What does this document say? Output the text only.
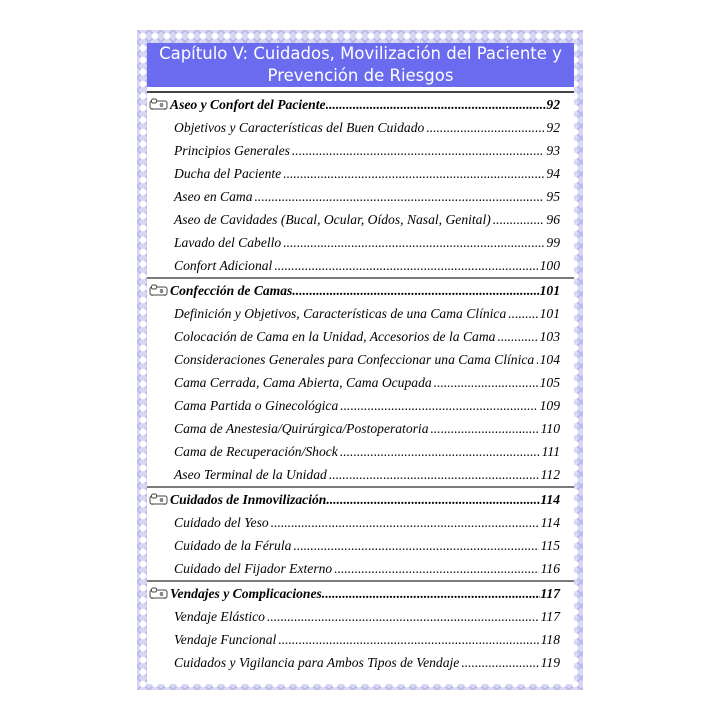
Capítulo V: Cuidados, Movilización del Paciente y
Prevención de Riesgos
Aseo y Confort del Paciente .....	92
Objetivos y Características del Buen Cuidado .....	92
Principios Generales .....	93
Ducha del Paciente .....	94
Aseo en Cama .....	95
Aseo de Cavidades (Bucal, Ocular, Oídos, Nasal, Genital) .....	96
Lavado del Cabello .....	99
Confort Adicional .....	100
Confección de Camas .....	101
Definición y Objetivos, Características de una Cama Clínica ..... 101
Colocación de Cama en la Unidad, Accesorios de la Cama .....	103
Consideraciones Generales para Confeccionar una Cama Clínica ..... 104
Cama Cerrada, Cama Abierta, Cama Ocupada .....	105
Cama Partida o Ginecológica .....	109
Cama de Anestesia/Quirúrgica/Postoperatoria .....	110
Cama de Recuperación/Shock .....	111
Aseo Terminal de la Unidad .....	112
Cuidados de Inmovilización .....	114
Cuidado del Yeso .....	114
Cuidado de la Férula .....	115
Cuidado del Fijador Externo .....	116
Vendajes y Complicaciones .....	117
Vendaje Elástico .....	117
Vendaje Funcional .....	118
Cuidados y Vigilancia para Ambos Tipos de Vendaje .....	119
